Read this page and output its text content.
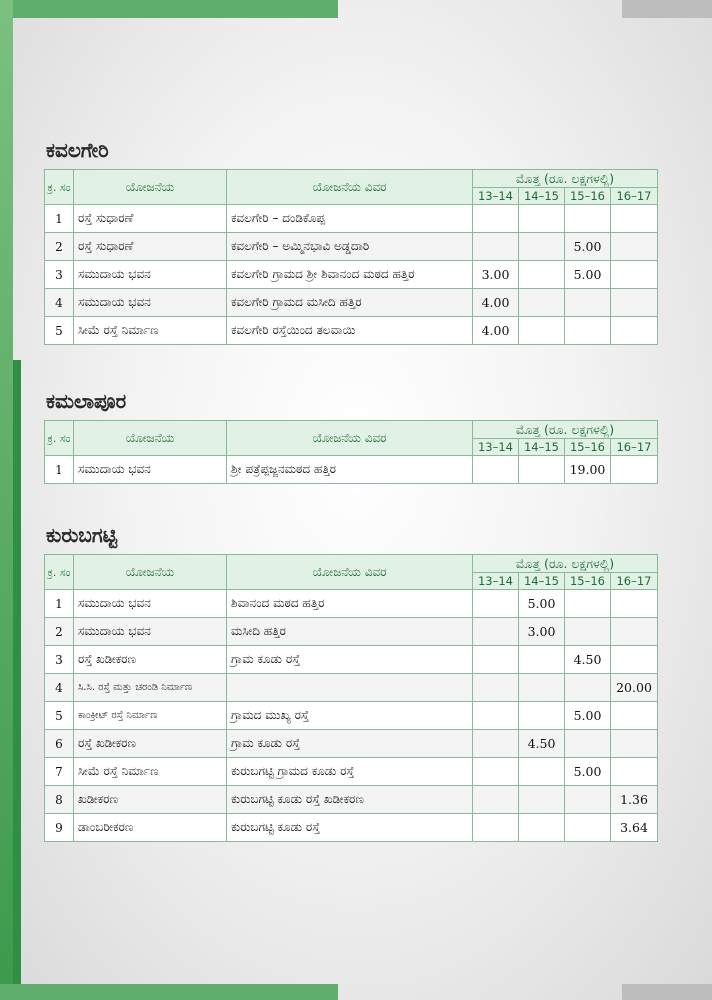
ಕವಲಗೇರಿ
ಕ್ರ. ಸಂ	ಯೋಜನೆಯ	ಯೋಜನೆಯ ವಿವರ	ಮೊತ್ತ (ರೂ. ಲಕ್ಷಗಳಲ್ಲಿ)			
			13–14	14–15	15–16	16–17
1	ರಸ್ತೆ ಸುಧಾರಣೆ	ಕವಲಗೇರಿ – ದಂಡಿಕೊಪ್ಪ				
2	ರಸ್ತೆ ಸುಧಾರಣೆ	ಕವಲಗೇರಿ – ಅಮ್ಮಿನಭಾವಿ ಅಡ್ಡದಾರಿ			5.00	
3	ಸಮುದಾಯ ಭವನ	ಕವಲಗೇರಿ ಗ್ರಾಮದ ಶ್ರೀ ಶಿವಾನಂದ ಮಠದ ಹತ್ತಿರ	3.00		5.00	
4	ಸಮುದಾಯ ಭವನ	ಕವಲಗೇರಿ ಗ್ರಾಮದ ಮಸೀದಿ ಹತ್ತಿರ	4.00			
5	ಸೀಮೆ ರಸ್ತೆ ನಿರ್ಮಾಣ	ಕವಲಗೇರಿ ರಸ್ತೆಯಿಂದ ತಲವಾಯಿ	4.00			
ಕಮಲಾಪೂರ
ಕ್ರ. ಸಂ	ಯೋಜನೆಯ	ಯೋಜನೆಯ ವಿವರ	ಮೊತ್ತ (ರೂ. ಲಕ್ಷಗಳಲ್ಲಿ)			
			13–14	14–15	15–16	16–17
1	ಸಮುದಾಯ ಭವನ	ಶ್ರೀ ಪತ್ರೆಪ್ಪಜ್ಜನಮಠದ ಹತ್ತಿರ			19.00	
ಕುರುಬಗಟ್ಟಿ
ಕ್ರ. ಸಂ	ಯೋಜನೆಯ	ಯೋಜನೆಯ ವಿವರ	ಮೊತ್ತ (ರೂ. ಲಕ್ಷಗಳಲ್ಲಿ)			
			13–14	14–15	15–16	16–17
1	ಸಮುದಾಯ ಭವನ	ಶಿವಾನಂದ ಮಠದ ಹತ್ತಿರ		5.00		
2	ಸಮುದಾಯ ಭವನ	ಮಸೀದಿ ಹತ್ತಿರ		3.00		
3	ರಸ್ತೆ ಖಡೀಕರಣ	ಗ್ರಾಮ ಕೂಡು ರಸ್ತೆ			4.50	
4	ಸಿ.ಸಿ. ರಸ್ತೆ ಮತ್ತು ಚರಂಡಿ ನಿರ್ಮಾಣ					20.00
5	ಕಾಂಕ್ರೀಟ್ ರಸ್ತೆ ನಿರ್ಮಾಣ	ಗ್ರಾಮದ ಮುಖ್ಯ ರಸ್ತೆ			5.00	
6	ರಸ್ತೆ ಖಡೀಕರಣ	ಗ್ರಾಮ ಕೂಡು ರಸ್ತೆ		4.50		
7	ಸೀಮೆ ರಸ್ತೆ ನಿರ್ಮಾಣ	ಕುರುಬಗಟ್ಟಿ ಗ್ರಾಮದ ಕೂಡು ರಸ್ತೆ			5.00	
8	ಖಡೀಕರಣ	ಕುರುಬಗಟ್ಟಿ ಕೂಡು ರಸ್ತೆ ಖಡೀಕರಣ				1.36
9	ಡಾಂಬರೀಕರಣ	ಕುರುಬಗಟ್ಟಿ ಕೂಡು ರಸ್ತೆ				3.64
